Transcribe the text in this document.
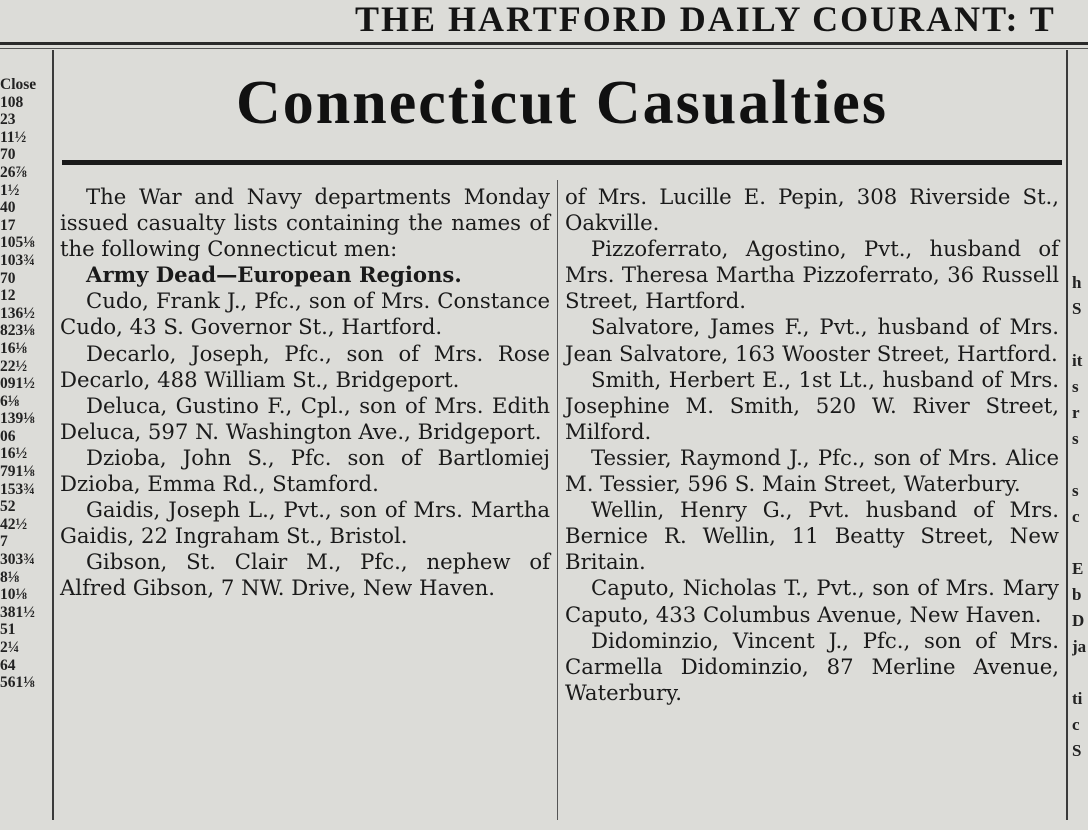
THE HARTFORD DAILY COURANT: T
Close
108
23
11½
70
26⅞
1½
40
17
105⅛
103¾
70
12
136½
823⅛
16⅛
22½
091½
6⅛
139⅛
06
16½
791⅛
153¾
52
42½
7
303¾
8⅛
10⅛
381½
51
2¼
64
561⅛
h
S
it
s
r
s
s
c
E
b
D
ja
ti
c
S
Connecticut Casualties

The War and Navy departments Monday issued casualty lists containing the names of the following Connecticut men:

Army Dead—European Regions.

Cudo, Frank J., Pfc., son of Mrs. Constance Cudo, 43 S. Governor St., Hartford.

Decarlo, Joseph, Pfc., son of Mrs. Rose Decarlo, 488 William St., Bridgeport.

Deluca, Gustino F., Cpl., son of Mrs. Edith Deluca, 597 N. Washington Ave., Bridgeport.

Dzioba, John S., Pfc. son of Bartlomiej Dzioba, Emma Rd., Stamford.

Gaidis, Joseph L., Pvt., son of Mrs. Martha Gaidis, 22 Ingraham St., Bristol.

Gibson, St. Clair M., Pfc., nephew of Alfred Gibson, 7 NW. Drive, New Haven.

of Mrs. Lucille E. Pepin, 308 Riverside St., Oakville.

Pizzoferrato, Agostino, Pvt., husband of Mrs. Theresa Martha Pizzoferrato, 36 Russell Street, Hartford.

Salvatore, James F., Pvt., husband of Mrs. Jean Salvatore, 163 Wooster Street, Hartford.

Smith, Herbert E., 1st Lt., husband of Mrs. Josephine M. Smith, 520 W. River Street, Milford.

Tessier, Raymond J., Pfc., son of Mrs. Alice M. Tessier, 596 S. Main Street, Waterbury.

Wellin, Henry G., Pvt. husband of Mrs. Bernice R. Wellin, 11 Beatty Street, New Britain.

Caputo, Nicholas T., Pvt., son of Mrs. Mary Caputo, 433 Columbus Avenue, New Haven.

Didominzio, Vincent J., Pfc., son of Mrs. Carmella Didominzio, 87 Merline Avenue, Waterbury.
